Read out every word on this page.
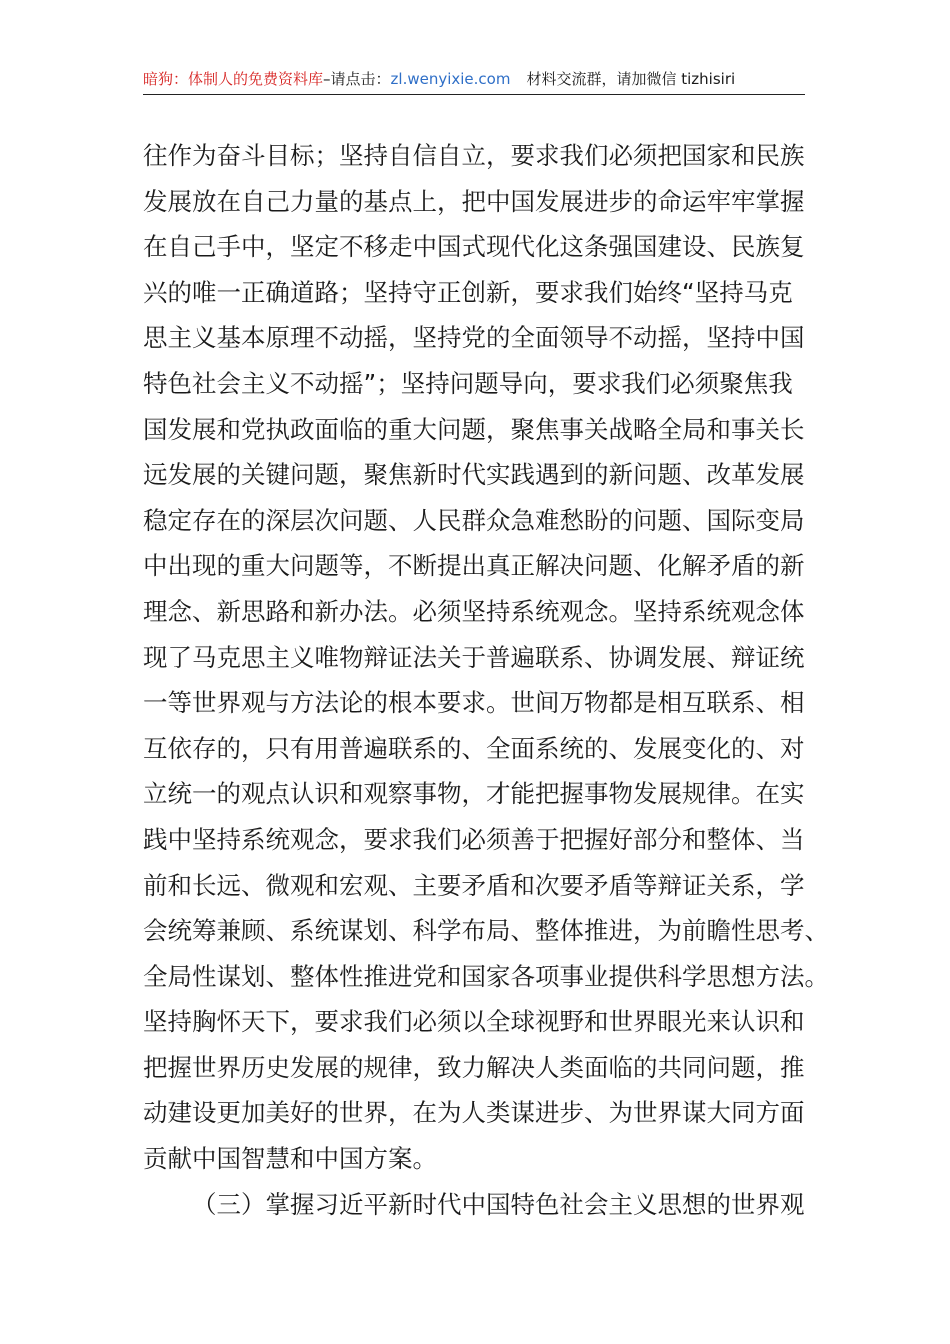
暗狗：体制人的免费资料库–请点击：zl.wenyixie.com 材料交流群，请加微信 tizhisiri
往作为奋斗目标；坚持自信自立，要求我们必须把国家和民族
发展放在自己力量的基点上，把中国发展进步的命运牢牢掌握
在自己手中，坚定不移走中国式现代化这条强国建设、民族复
兴的唯一正确道路；坚持守正创新，要求我们始终“坚持马克
思主义基本原理不动摇，坚持党的全面领导不动摇，坚持中国
特色社会主义不动摇”；坚持问题导向，要求我们必须聚焦我
国发展和党执政面临的重大问题，聚焦事关战略全局和事关长
远发展的关键问题，聚焦新时代实践遇到的新问题、改革发展
稳定存在的深层次问题、人民群众急难愁盼的问题、国际变局
中出现的重大问题等，不断提出真正解决问题、化解矛盾的新
理念、新思路和新办法。必须坚持系统观念。坚持系统观念体
现了马克思主义唯物辩证法关于普遍联系、协调发展、辩证统
一等世界观与方法论的根本要求。世间万物都是相互联系、相
互依存的，只有用普遍联系的、全面系统的、发展变化的、对
立统一的观点认识和观察事物，才能把握事物发展规律。在实
践中坚持系统观念，要求我们必须善于把握好部分和整体、当
前和长远、微观和宏观、主要矛盾和次要矛盾等辩证关系，学
会统筹兼顾、系统谋划、科学布局、整体推进，为前瞻性思考、
全局性谋划、整体性推进党和国家各项事业提供科学思想方法。
坚持胸怀天下，要求我们必须以全球视野和世界眼光来认识和
把握世界历史发展的规律，致力解决人类面临的共同问题，推
动建设更加美好的世界，在为人类谋进步、为世界谋大同方面
贡献中国智慧和中国方案。
（三）掌握习近平新时代中国特色社会主义思想的世界观
